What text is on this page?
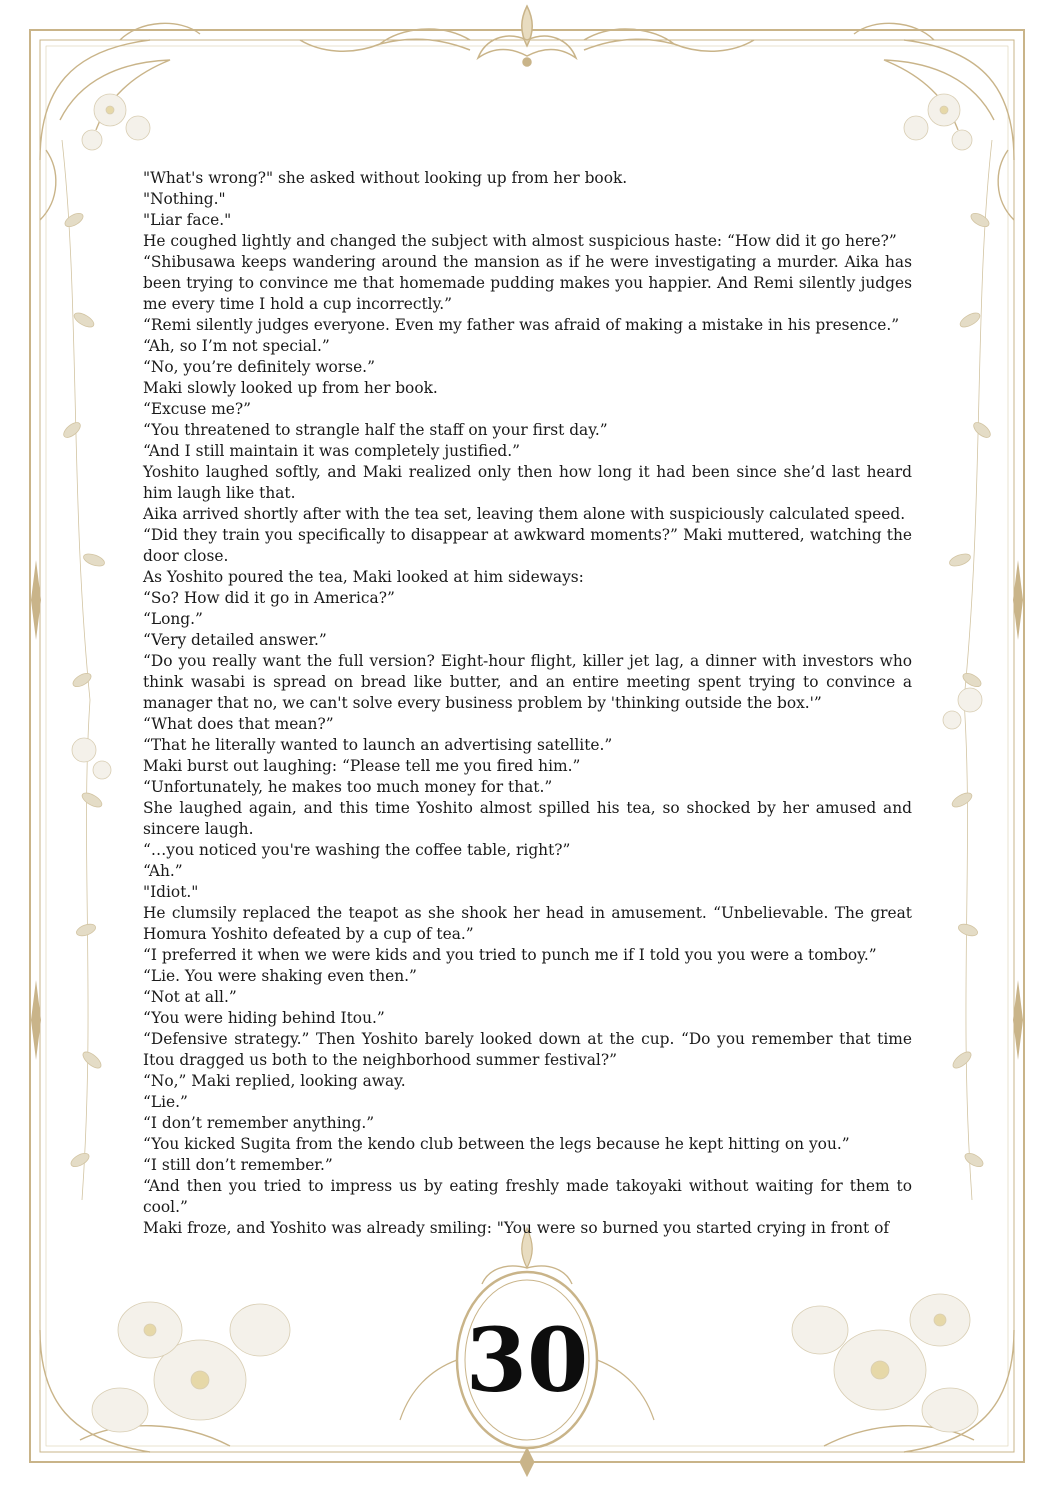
"What's wrong?" she asked without looking up from her book.

"Nothing."

"Liar face."

He coughed lightly and changed the subject with almost suspicious haste: “How did it go here?”

“Shibusawa keeps wandering around the mansion as if he were investigating a murder. Aika has been trying to convince me that homemade pudding makes you happier. And Remi silently judges me every time I hold a cup incorrectly.”

“Remi silently judges everyone. Even my father was afraid of making a mistake in his presence.”

“Ah, so I’m not special.”

“No, you’re definitely worse.”

Maki slowly looked up from her book.

“Excuse me?”

“You threatened to strangle half the staff on your first day.”

“And I still maintain it was completely justified.”

Yoshito laughed softly, and Maki realized only then how long it had been since she’d last heard him laugh like that.

Aika arrived shortly after with the tea set, leaving them alone with suspiciously calculated speed.

“Did they train you specifically to disappear at awkward moments?” Maki muttered, watching the door close.

As Yoshito poured the tea, Maki looked at him sideways:

“So? How did it go in America?”

“Long.”

“Very detailed answer.”

“Do you really want the full version? Eight-hour flight, killer jet lag, a dinner with investors who think wasabi is spread on bread like butter, and an entire meeting spent trying to convince a manager that no, we can't solve every business problem by 'thinking outside the box.'”

“What does that mean?”

“That he literally wanted to launch an advertising satellite.”

Maki burst out laughing: “Please tell me you fired him.”

“Unfortunately, he makes too much money for that.”

She laughed again, and this time Yoshito almost spilled his tea, so shocked by her amused and sincere laugh.

“…you noticed you're washing the coffee table, right?”

“Ah.”

"Idiot."

He clumsily replaced the teapot as she shook her head in amusement. “Unbelievable. The great Homura Yoshito defeated by a cup of tea.”

“I preferred it when we were kids and you tried to punch me if I told you you were a tomboy.”

“Lie. You were shaking even then.”

“Not at all.”

“You were hiding behind Itou.”

“Defensive strategy.” Then Yoshito barely looked down at the cup. “Do you remember that time Itou dragged us both to the neighborhood summer festival?”

“No,” Maki replied, looking away.

“Lie.”

“I don’t remember anything.”

“You kicked Sugita from the kendo club between the legs because he kept hitting on you.”

“I still don’t remember.”

“And then you tried to impress us by eating freshly made takoyaki without waiting for them to cool.”

Maki froze, and Yoshito was already smiling: "You were so burned you started crying in front of

30
